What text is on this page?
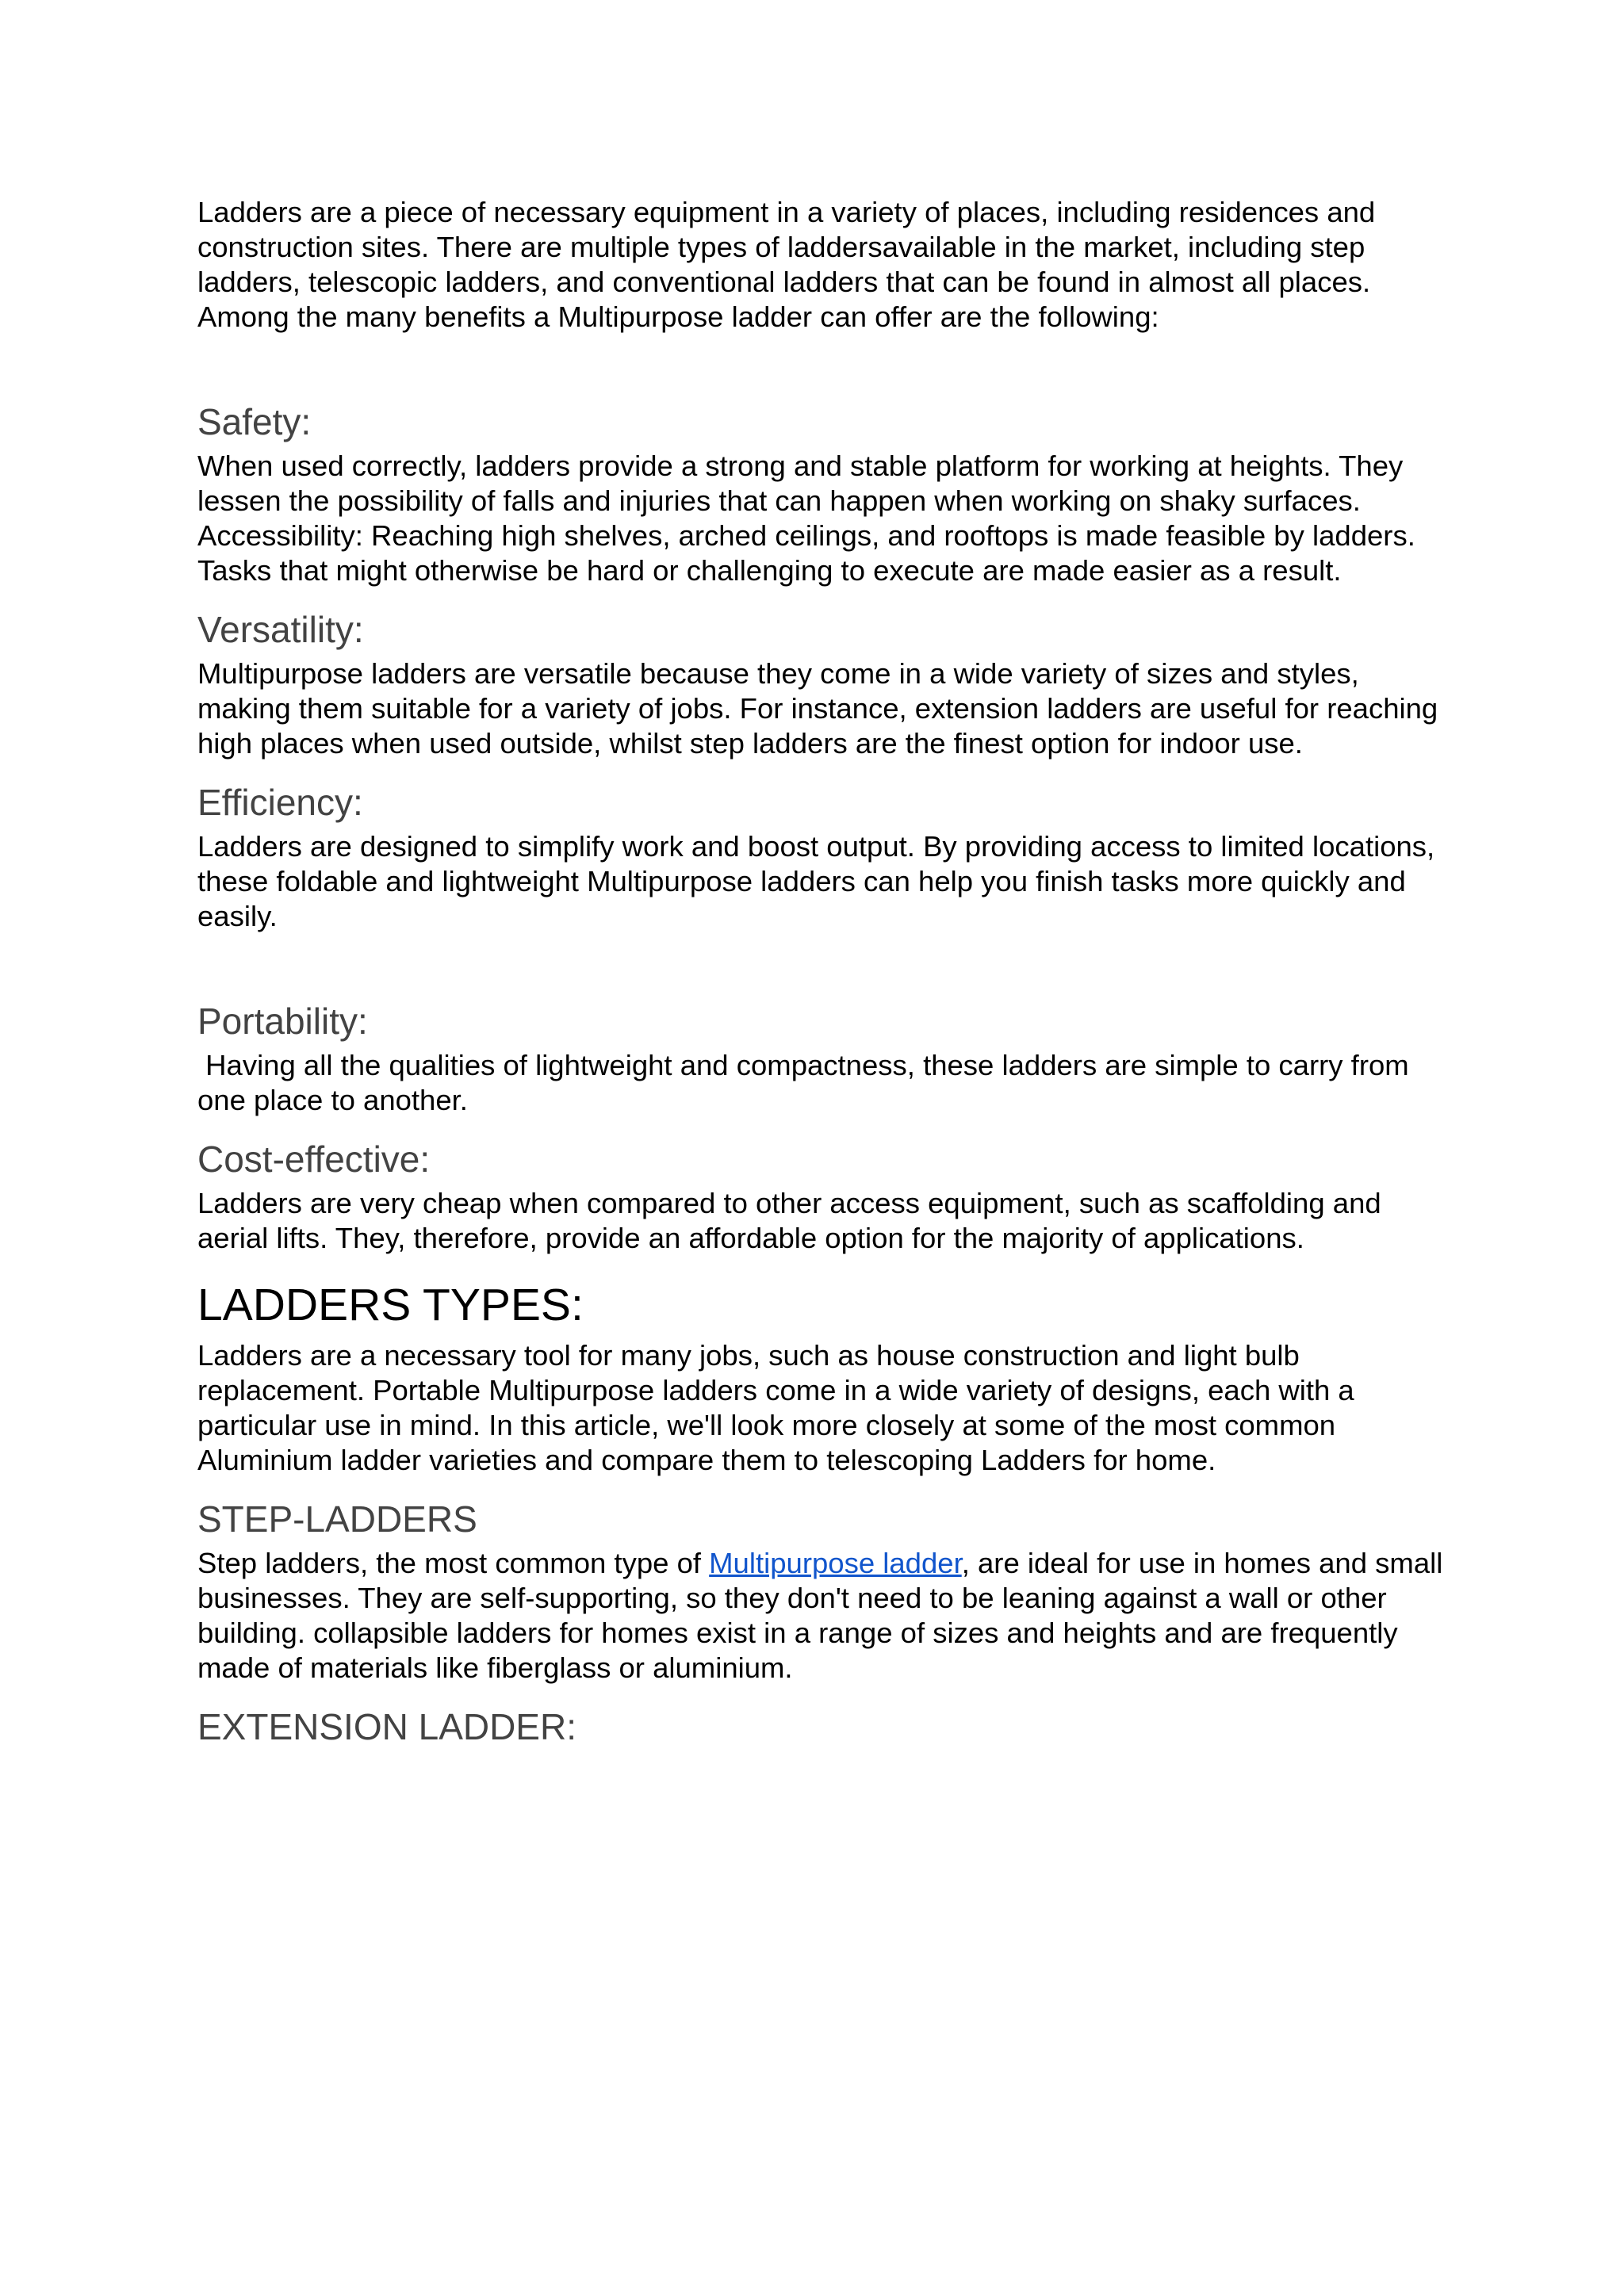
Ladders are a piece of necessary equipment in a variety of places, including residences and construction sites. There are multiple types of laddersavailable in the market, including step ladders, telescopic ladders, and conventional ladders that can be found in almost all places. Among the many benefits a Multipurpose ladder can offer are the following:

Safety:

When used correctly, ladders provide a strong and stable platform for working at heights. They lessen the possibility of falls and injuries that can happen when working on shaky surfaces.

Accessibility: Reaching high shelves, arched ceilings, and rooftops is made feasible by ladders. Tasks that might otherwise be hard or challenging to execute are made easier as a result.

Versatility:

Multipurpose ladders are versatile because they come in a wide variety of sizes and styles, making them suitable for a variety of jobs. For instance, extension ladders are useful for reaching high places when used outside, whilst step ladders are the finest option for indoor use.

Efficiency:

Ladders are designed to simplify work and boost output. By providing access to limited locations, these foldable and lightweight Multipurpose ladders can help you finish tasks more quickly and easily.

Portability:

Having all the qualities of lightweight and compactness, these ladders are simple to carry from one place to another.

Cost-effective:

Ladders are very cheap when compared to other access equipment, such as scaffolding and aerial lifts. They, therefore, provide an affordable option for the majority of applications.

LADDERS TYPES:

Ladders are a necessary tool for many jobs, such as house construction and light bulb replacement. Portable Multipurpose ladders come in a wide variety of designs, each with a particular use in mind. In this article, we'll look more closely at some of the most common Aluminium ladder varieties and compare them to telescoping Ladders for home.

STEP-LADDERS

Step ladders, the most common type of Multipurpose ladder, are ideal for use in homes and small businesses. They are self-supporting, so they don't need to be leaning against a wall or other building. collapsible ladders for homes exist in a range of sizes and heights and are frequently made of materials like fiberglass or aluminium.

EXTENSION LADDER:
